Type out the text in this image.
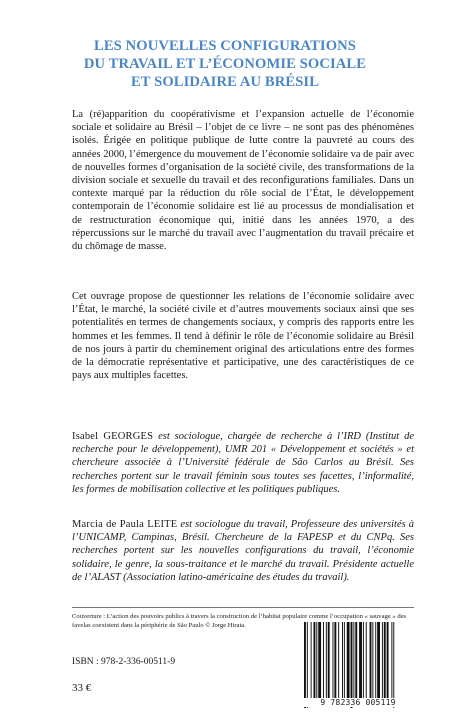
LES NOUVELLES CONFIGURATIONS
DU TRAVAIL ET L’ÉCONOMIE SOCIALE
ET SOLIDAIRE AU BRÉSIL

La (ré)apparition du coopérativisme et l’expansion actuelle de l’économie sociale et solidaire au Brésil – l’objet de ce livre – ne sont pas des phénomènes isolés. Érigée en politique publique de lutte contre la pauvreté au cours des années 2000, l’émergence du mouvement de l’économie solidaire va de pair avec de nouvelles formes d’organisation de la société civile, des transformations de la division sociale et sexuelle du travail et des reconfigurations familiales. Dans un contexte marqué par la réduction du rôle social de l’État, le développement contemporain de l’économie solidaire est lié au processus de mondialisation et de restructuration économique qui, initié dans les années 1970, a des répercussions sur le marché du travail avec l’augmentation du travail précaire et du chômage de masse.

Cet ouvrage propose de questionner les relations de l’économie solidaire avec l’État, le marché, la société civile et d’autres mouvements sociaux ainsi que ses potentialités en termes de changements sociaux, y compris des rapports entre les hommes et les femmes. Il tend à définir le rôle de l’économie solidaire au Brésil de nos jours à partir du cheminement original des articulations entre des formes de la démocratie représentative et participative, une des caractéristiques de ce pays aux multiples facettes.

Isabel GEORGES est sociologue, chargée de recherche à l’IRD (Institut de recherche pour le développement), UMR 201 « Développement et sociétés » et chercheure associée à l’Université fédérale de São Carlos au Brésil. Ses recherches portent sur le travail féminin sous toutes ses facettes, l’informalité, les formes de mobilisation collective et les politiques publiques.

Marcia de Paula LEITE est sociologue du travail, Professeure des universités à l’UNICAMP, Campinas, Brésil. Chercheure de la FAPESP et du CNPq. Ses recherches portent sur les nouvelles configurations du travail, l’économie solidaire, le genre, la sous-traitance et le marché du travail. Présidente actuelle de l’ALAST (Association latino-américaine des études du travail).

Couverture : L’action des pouvoirs publics à travers la construction de l’habitat populaire comme l’occupation « sauvage » des favelas coexistent dans la périphérie de São Paulo © Jorge Hirata.

ISBN : 978-2-336-00511-9
33 €
9 782336 005119
